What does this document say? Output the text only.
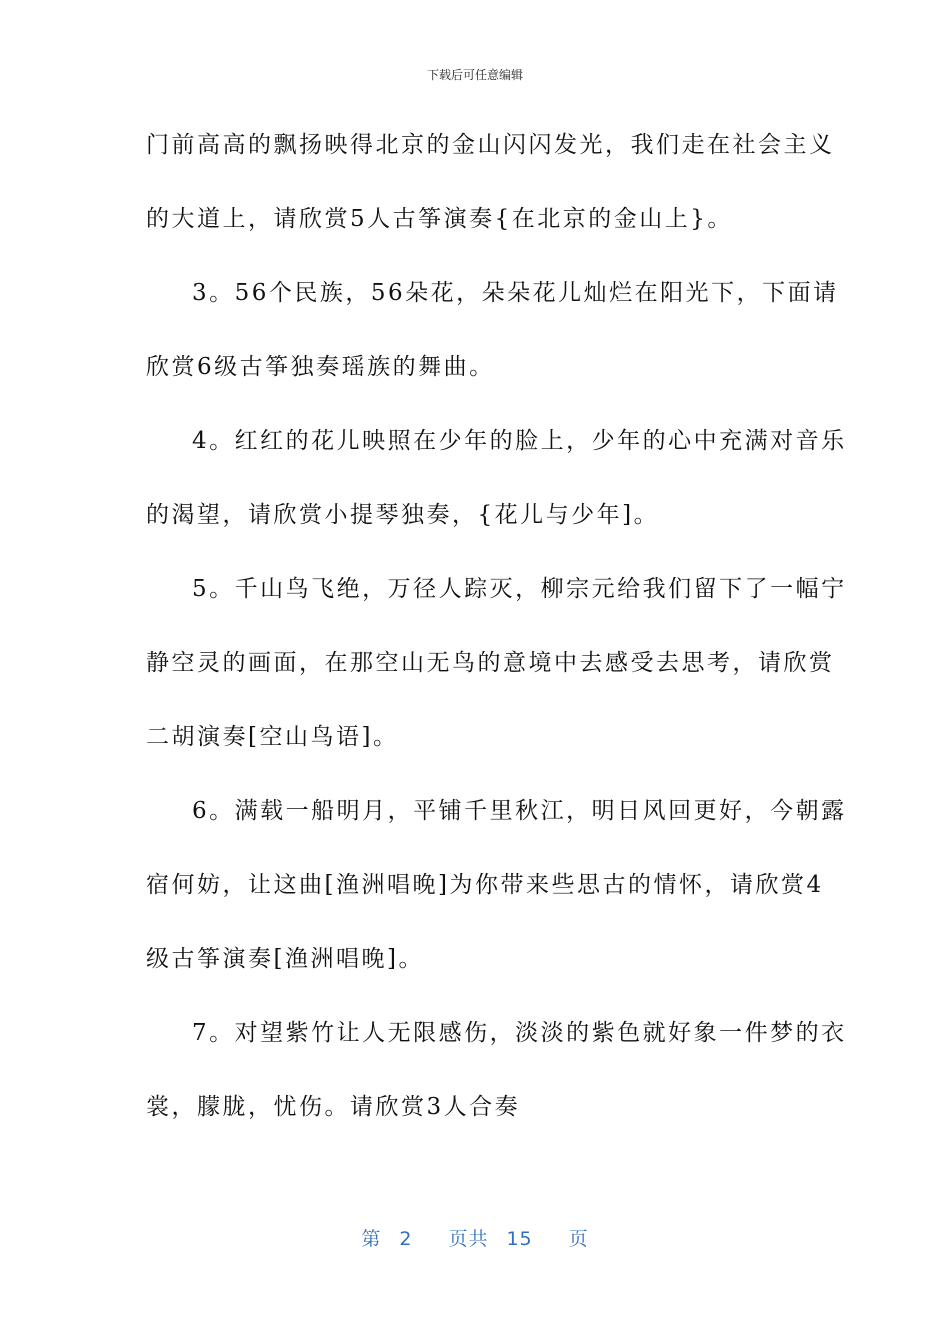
下载后可任意编辑
门前高高的飘扬映得北京的金山闪闪发光，我们走在社会主义
的大道上，请欣赏5人古筝演奏{在北京的金山上}。
3。56个民族，56朵花，朵朵花儿灿烂在阳光下，下面请
欣赏6级古筝独奏瑶族的舞曲。
4。红红的花儿映照在少年的脸上，少年的心中充满对音乐
的渴望，请欣赏小提琴独奏，{花儿与少年]。
5。千山鸟飞绝，万径人踪灭，柳宗元给我们留下了一幅宁
静空灵的画面，在那空山无鸟的意境中去感受去思考，请欣赏
二胡演奏[空山鸟语]。
6。满载一船明月，平铺千里秋江，明日风回更好，今朝露
宿何妨，让这曲[渔洲唱晚]为你带来些思古的情怀，请欣赏4
级古筝演奏[渔洲唱晚]。
7。对望紫竹让人无限感伤，淡淡的紫色就好象一件梦的衣
裳，朦胧，忧伤。请欣赏3人合奏
第 2 页共 15 页
